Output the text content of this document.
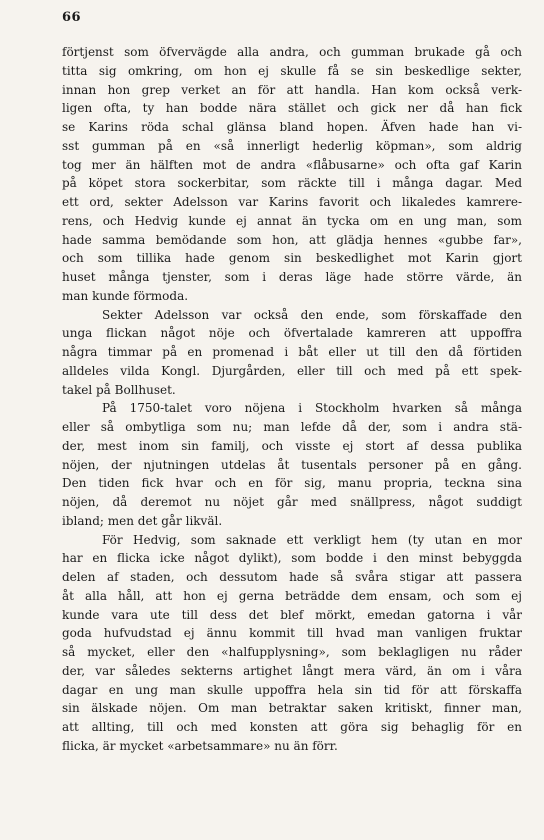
66
förtjenst som öfvervägde alla andra, och gumman brukade gå och
titta sig omkring, om hon ej skulle få se sin beskedlige sekter,
innan hon grep verket an för att handla. Han kom också verk-
ligen ofta, ty han bodde nära stället och gick ner då han fick
se Karins röda schal glänsa bland hopen. Äfven hade han vi-
sst gumman på en «så innerligt hederlig köpman», som aldrig
tog mer än hälften mot de andra «flåbusarne» och ofta gaf Karin
på köpet stora sockerbitar, som räckte till i många dagar. Med
ett ord, sekter Adelsson var Karins favorit och likaledes kamrere-
rens, och Hedvig kunde ej annat än tycka om en ung man, som
hade samma bemödande som hon, att glädja hennes «gubbe far»,
och som tillika hade genom sin beskedlighet mot Karin gjort
huset många tjenster, som i deras läge hade större värde, än
man kunde förmoda.
Sekter Adelsson var också den ende, som förskaffade den
unga flickan något nöje och öfvertalade kamreren att uppoffra
några timmar på en promenad i båt eller ut till den då förtiden
alldeles vilda Kongl. Djurgården, eller till och med på ett spek-
takel på Bollhuset.
På 1750-talet voro nöjena i Stockholm hvarken så många
eller så ombytliga som nu; man lefde då der, som i andra stä-
der, mest inom sin familj, och visste ej stort af dessa publika
nöjen, der njutningen utdelas åt tusentals personer på en gång.
Den tiden fick hvar och en för sig, manu propria, teckna sina
nöjen, då deremot nu nöjet går med snällpress, något suddigt
ibland; men det går likväl.
För Hedvig, som saknade ett verkligt hem (ty utan en mor
har en flicka icke något dylikt), som bodde i den minst bebyggda
delen af staden, och dessutom hade så svåra stigar att passera
åt alla håll, att hon ej gerna beträdde dem ensam, och som ej
kunde vara ute till dess det blef mörkt, emedan gatorna i vår
goda hufvudstad ej ännu kommit till hvad man vanligen fruktar
så mycket, eller den «halfupplysning», som beklagligen nu råder
der, var således sekterns artighet långt mera värd, än om i våra
dagar en ung man skulle uppoffra hela sin tid för att förskaffa
sin älskade nöjen. Om man betraktar saken kritiskt, finner man,
att allting, till och med konsten att göra sig behaglig för en
flicka, är mycket «arbetsammare» nu än förr.
